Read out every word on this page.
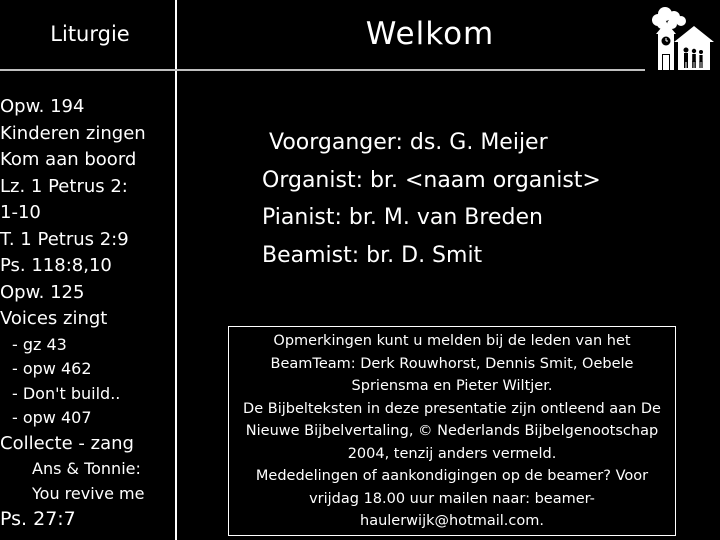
Liturgie	Welkom
Opw. 194
Kinderen zingen
Kom aan boord
Lz. 1 Petrus 2:
1-10
T. 1 Petrus 2:9
Ps. 118:8,10
Opw. 125
Voices zingt
- gz 43
- opw 462
- Don't build..
- opw 407
Collecte - zang
Ans & Tonnie:
You revive me
Ps. 27:7
Voorganger: ds. G. Meijer
Organist: br. <naam organist>
Pianist: br. M. van Breden
Beamist: br. D. Smit

Opmerkingen kunt u melden bij de leden van het BeamTeam: Derk Rouwhorst, Dennis Smit, Oebele Spriensma en Pieter Wiltjer.

De Bijbelteksten in deze presentatie zijn ontleend aan De Nieuwe Bijbelvertaling, © Nederlands Bijbelgenootschap 2004, tenzij anders vermeld.

Mededelingen of aankondigingen op de beamer? Voor vrijdag 18.00 uur mailen naar: beamer-haulerwijk@hotmail.com.
